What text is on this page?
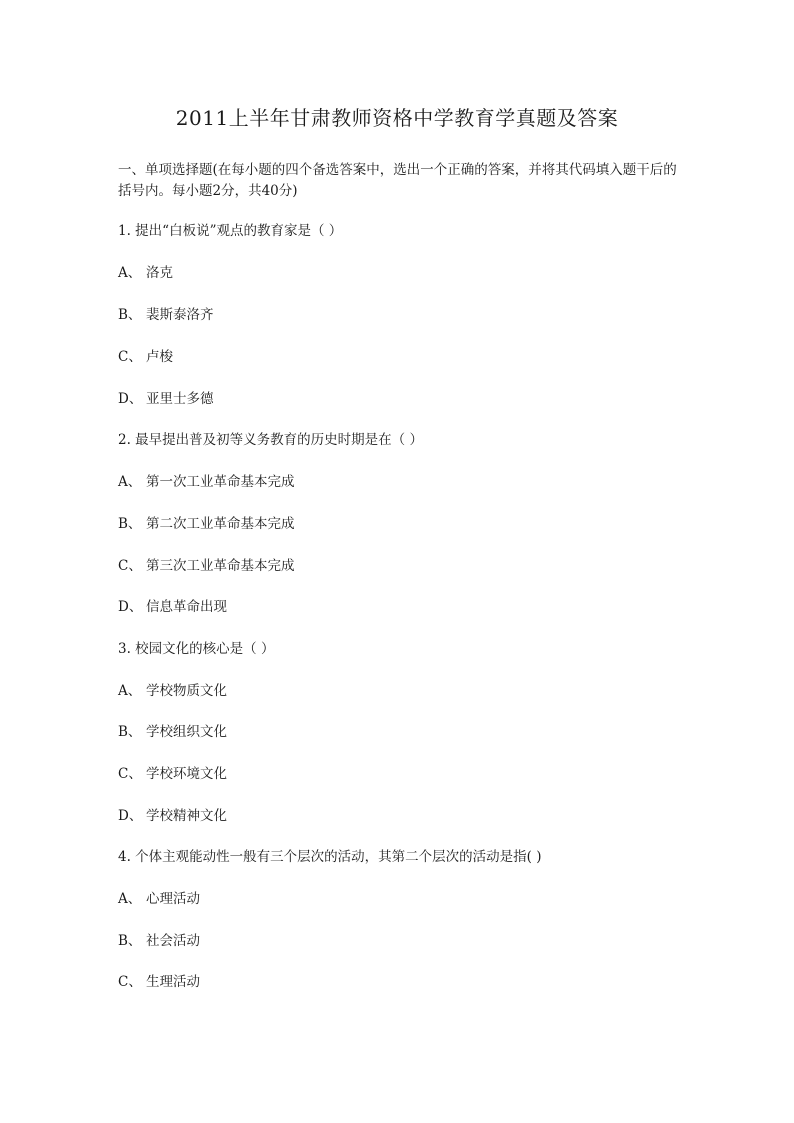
2011上半年甘肃教师资格中学教育学真题及答案
一、单项选择题(在每小题的四个备选答案中，选出一个正确的答案，并将其代码填入题干后的括号内。每小题2分，共40分)
1. 提出“白板说”观点的教育家是（ ）
A、 洛克
B、 裴斯泰洛齐
C、 卢梭
D、 亚里士多德
2. 最早提出普及初等义务教育的历史时期是在（ ）
A、 第一次工业革命基本完成
B、 第二次工业革命基本完成
C、 第三次工业革命基本完成
D、 信息革命出现
3. 校园文化的核心是（ ）
A、 学校物质文化
B、 学校组织文化
C、 学校环境文化
D、 学校精神文化
4. 个体主观能动性一般有三个层次的活动，其第二个层次的活动是指( )
A、 心理活动
B、 社会活动
C、 生理活动
